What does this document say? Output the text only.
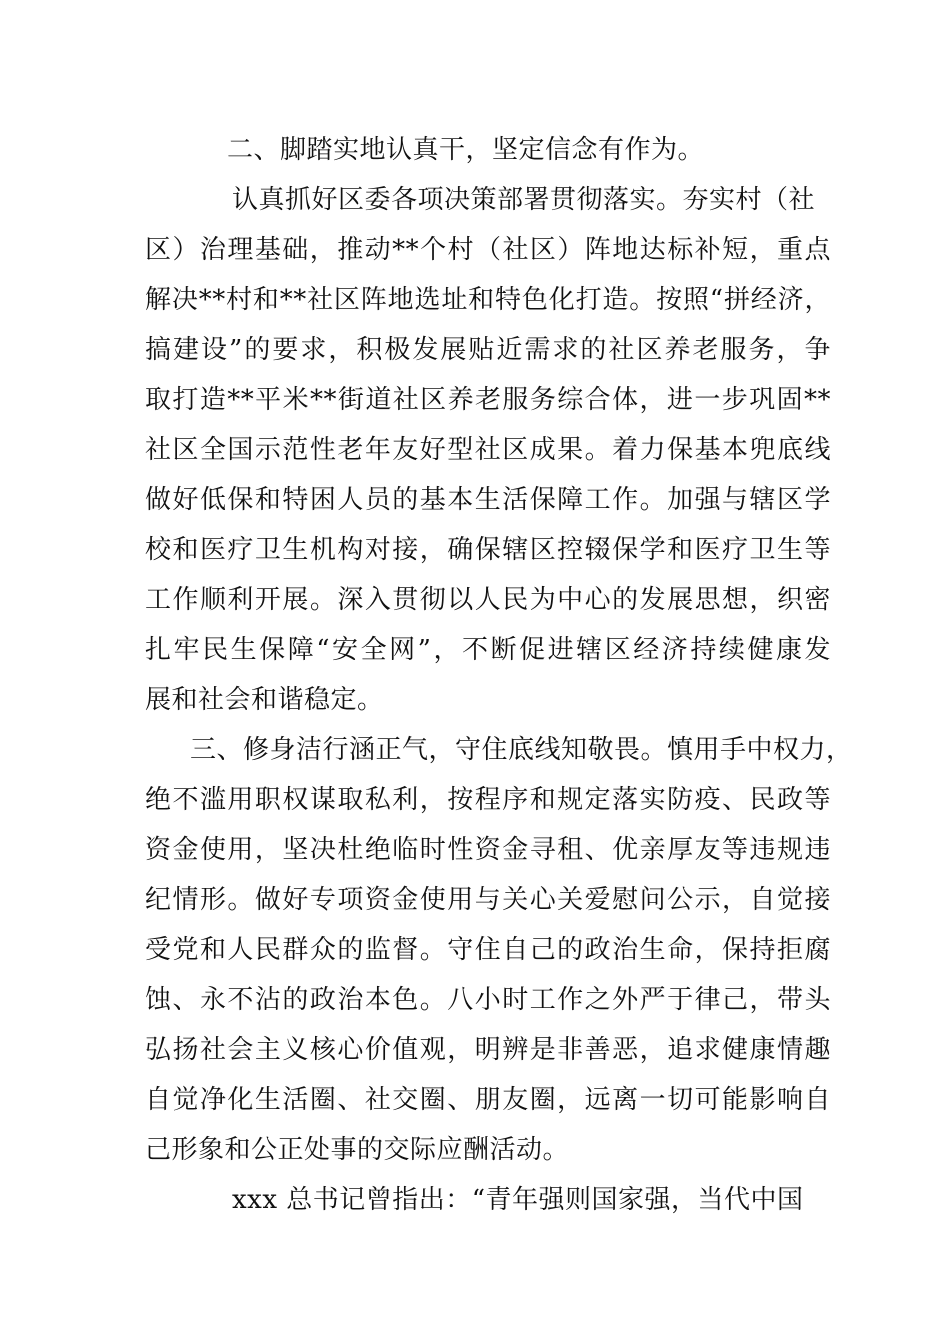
二、脚踏实地认真干，坚定信念有作为。
认真抓好区委各项决策部署贯彻落实。夯实村（社
区）治理基础，推动**个村（社区）阵地达标补短，重点
解决**村和**社区阵地选址和特色化打造。按照“拼经济，
搞建设”的要求，积极发展贴近需求的社区养老服务，争
取打造**平米**街道社区养老服务综合体，进一步巩固**
社区全国示范性老年友好型社区成果。着力保基本兜底线
做好低保和特困人员的基本生活保障工作。加强与辖区学
校和医疗卫生机构对接，确保辖区控辍保学和医疗卫生等
工作顺利开展。深入贯彻以人民为中心的发展思想，织密
扎牢民生保障“安全网”，不断促进辖区经济持续健康发
展和社会和谐稳定。
三、修身洁行涵正气，守住底线知敬畏。慎用手中权力，
绝不滥用职权谋取私利，按程序和规定落实防疫、民政等
资金使用，坚决杜绝临时性资金寻租、优亲厚友等违规违
纪情形。做好专项资金使用与关心关爱慰问公示，自觉接
受党和人民群众的监督。守住自己的政治生命，保持拒腐
蚀、永不沾的政治本色。八小时工作之外严于律己，带头
弘扬社会主义核心价值观，明辨是非善恶，追求健康情趣
自觉净化生活圈、社交圈、朋友圈，远离一切可能影响自
己形象和公正处事的交际应酬活动。
xxx 总书记曾指出：“青年强则国家强，当代中国
